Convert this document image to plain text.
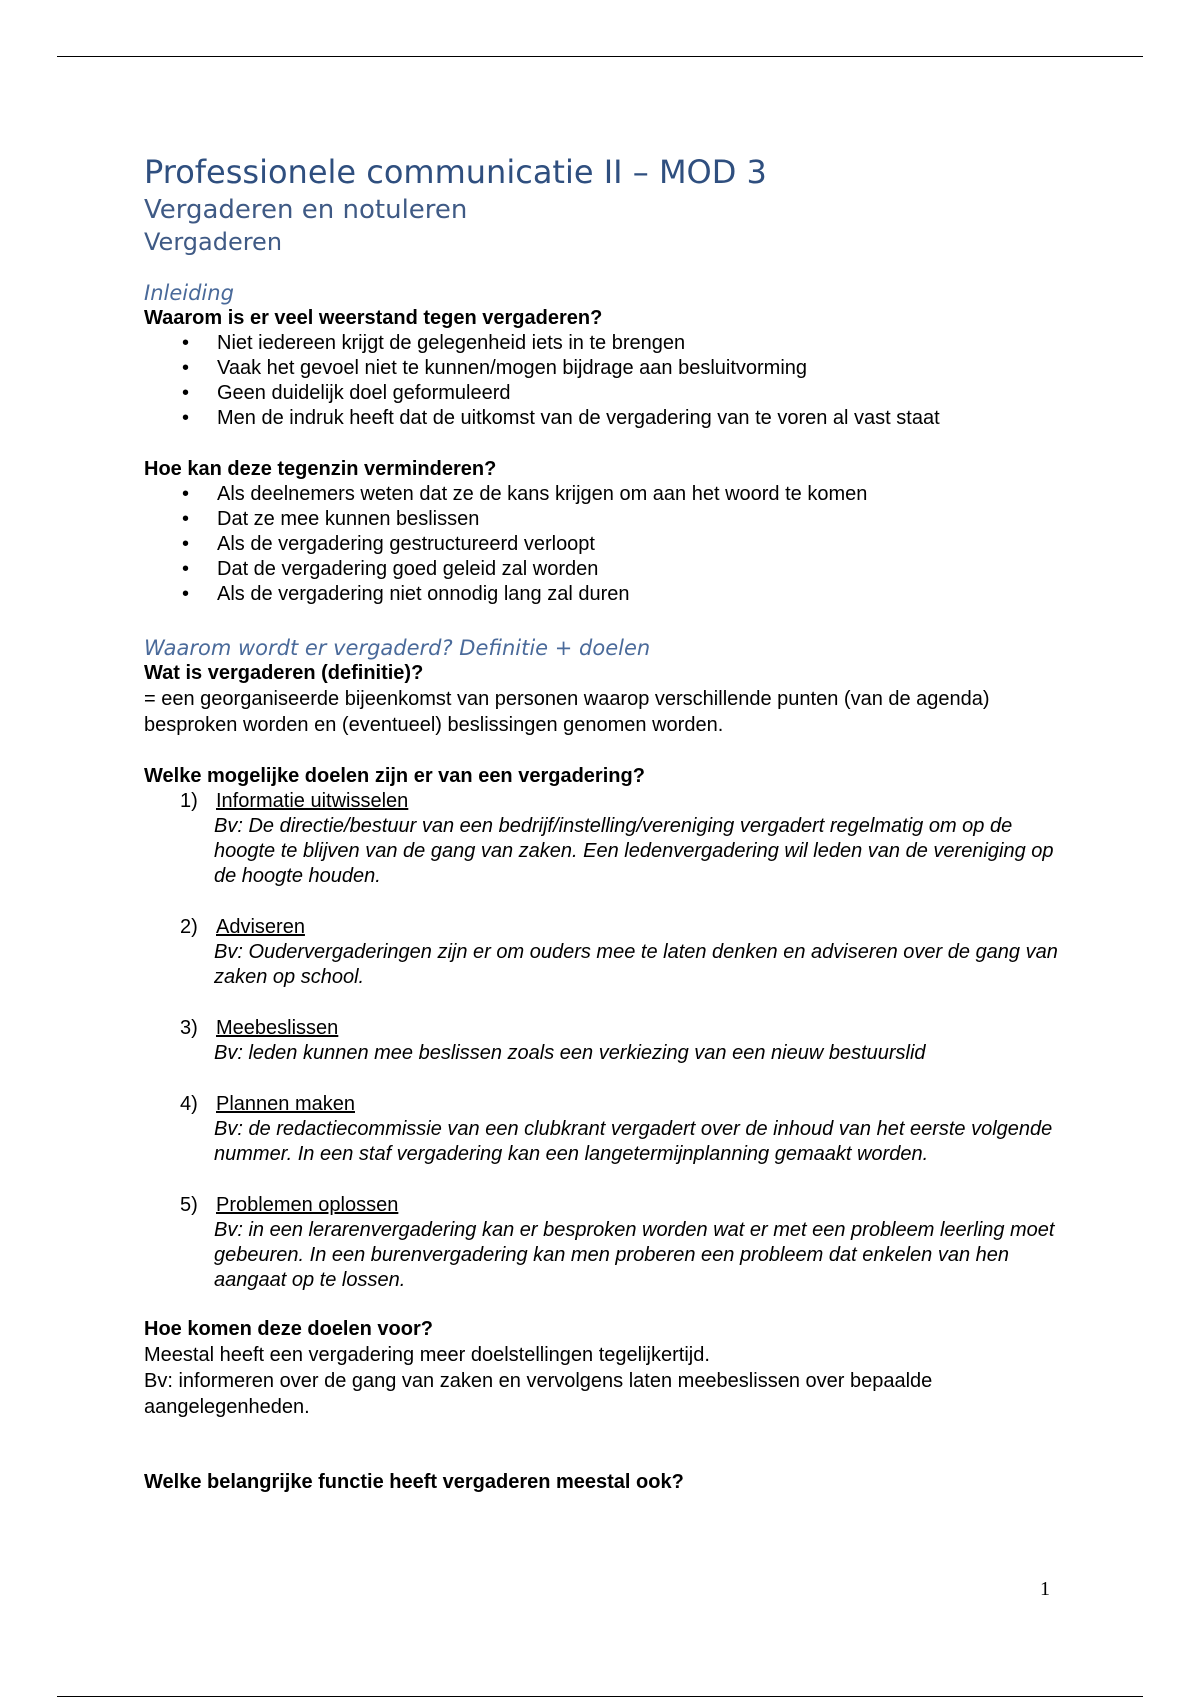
Professionele communicatie II – MOD 3
Vergaderen en notuleren
Vergaderen
Inleiding

Waarom is er veel weerstand tegen vergaderen?

• Niet iedereen krijgt de gelegenheid iets in te brengen
• Vaak het gevoel niet te kunnen/mogen bijdrage aan besluitvorming
• Geen duidelijk doel geformuleerd
• Men de indruk heeft dat de uitkomst van de vergadering van te voren al vast staat

Hoe kan deze tegenzin verminderen?

• Als deelnemers weten dat ze de kans krijgen om aan het woord te komen
• Dat ze mee kunnen beslissen
• Als de vergadering gestructureerd verloopt
• Dat de vergadering goed geleid zal worden
• Als de vergadering niet onnodig lang zal duren
Waarom wordt er vergaderd? Definitie + doelen

Wat is vergaderen (definitie)?

= een georganiseerde bijeenkomst van personen waarop verschillende punten (van de agenda) besproken worden en (eventueel) beslissingen genomen worden.

Welke mogelijke doelen zijn er van een vergadering?

1) Informatie uitwisselen

Bv: De directie/bestuur van een bedrijf/instelling/vereniging vergadert regelmatig om op de hoogte te blijven van de gang van zaken. Een ledenvergadering wil leden van de vereniging op de hoogte houden.

2) Adviseren

Bv: Oudervergaderingen zijn er om ouders mee te laten denken en adviseren over de gang van zaken op school.

3) Meebeslissen

Bv: leden kunnen mee beslissen zoals een verkiezing van een nieuw bestuurslid

4) Plannen maken

Bv: de redactiecommissie van een clubkrant vergadert over de inhoud van het eerste volgende nummer. In een staf vergadering kan een langetermijnplanning gemaakt worden.

5) Problemen oplossen

Bv: in een lerarenvergadering kan er besproken worden wat er met een probleem leerling moet gebeuren. In een burenvergadering kan men proberen een probleem dat enkelen van hen aangaat op te lossen.

Hoe komen deze doelen voor?

Meestal heeft een vergadering meer doelstellingen tegelijkertijd.

Bv: informeren over de gang van zaken en vervolgens laten meebeslissen over bepaalde aangelegenheden.

Welke belangrijke functie heeft vergaderen meestal ook?

1
